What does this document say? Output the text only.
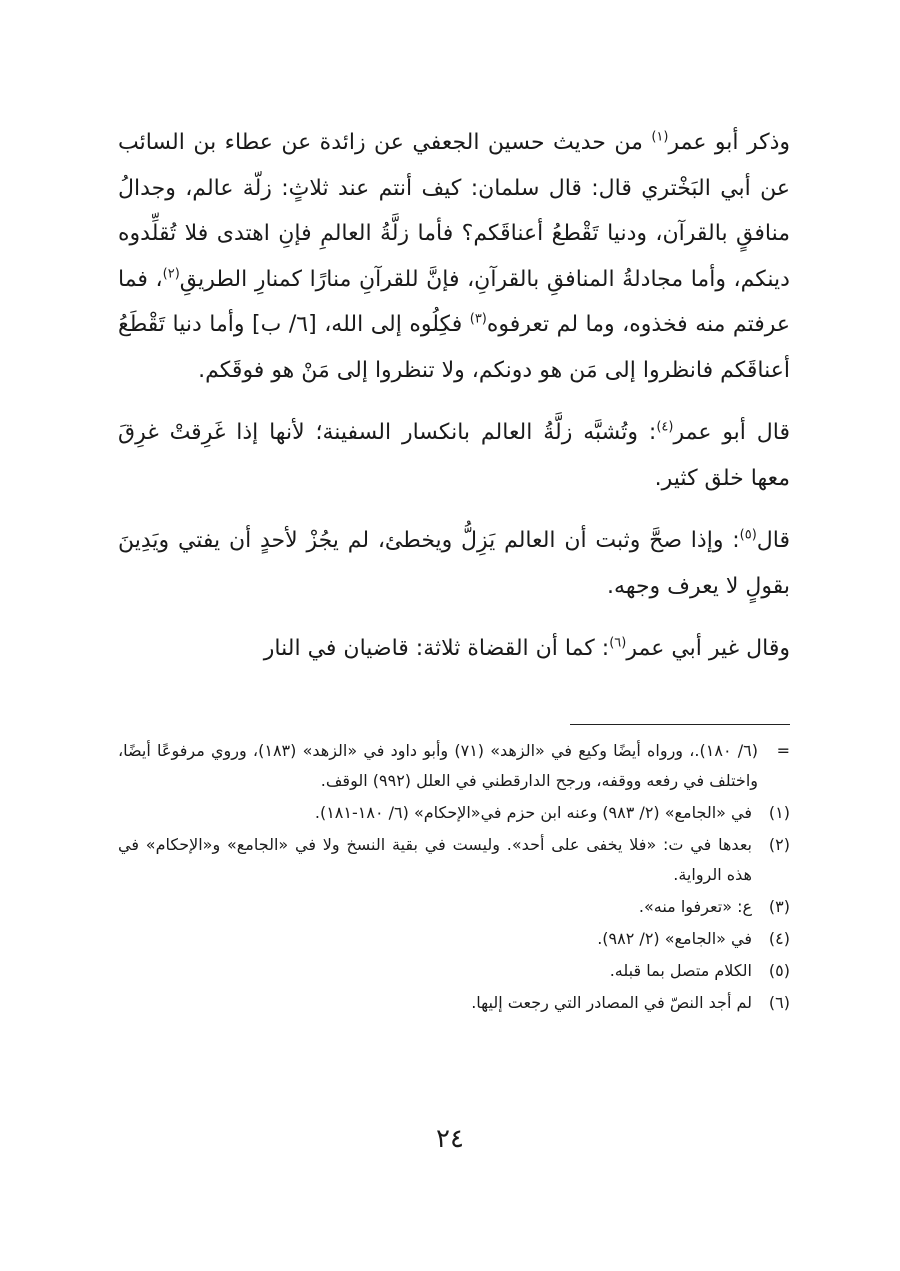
وذكر أبو عمر$^{(١)}$ من حديث حسين الجعفي عن زائدة عن عطاء بن السائب عن أبي البَخْتري قال: قال سلمان: كيف أنتم عند ثلاثٍ: زلّة عالم، وجدالُ منافقٍ بالقرآن، ودنيا تَقْطعُ أعناقَكم؟ فأما زلَّةُ العالمِ فإنِ اهتدى فلا تُقلِّدوه دينكم، وأما مجادلةُ المنافقِ بالقرآنِ، فإنَّ للقرآنِ منارًا كمنارِ الطريقِ$^{(٢)}$، فما عرفتم منه فخذوه، وما لم تعرفوه$^{(٣)}$ فكِلُوه إلى الله، [٦/ ب] وأما دنيا تَقْطَعُ أعناقَكم فانظروا إلى مَن هو دونكم، ولا تنظروا إلى مَنْ هو فوقَكم.

قال أبو عمر$^{(٤)}$: وتُشبَّه زلَّةُ العالم بانكسار السفينة؛ لأنها إذا غَرِقتْ غرِقَ معها خلق كثير.

قال$^{(٥)}$: وإذا صحَّ وثبت أن العالم يَزِلُّ ويخطئ، لم يجُزْ لأحدٍ أن يفتي ويَدِينَ بقولٍ لا يعرف وجهه.

وقال غير أبي عمر$^{(٦)}$: كما أن القضاة ثلاثة: قاضيان في النار

=
(٦/ ١٨٠).، ورواه أيضًا وكيع في «الزهد» (٧١) وأبو داود في «الزهد» (١٨٣)، وروي مرفوعًا أيضًا، واختلف في رفعه ووقفه، ورجح الدارقطني في العلل (٩٩٢) الوقف.
(١)
في «الجامع» (٢/ ٩٨٣) وعنه ابن حزم في«الإحكام» (٦/ ١٨٠-١٨١).
(٢)
بعدها في ت: «فلا يخفى على أحد». وليست في بقية النسخ ولا في «الجامع» و«الإحكام» في هذه الرواية.
(٣)
ع: «تعرفوا منه».
(٤)
في «الجامع» (٢/ ٩٨٢).
(٥)
الكلام متصل بما قبله.
(٦)
لم أجد النصّ في المصادر التي رجعت إليها.
٢٤
